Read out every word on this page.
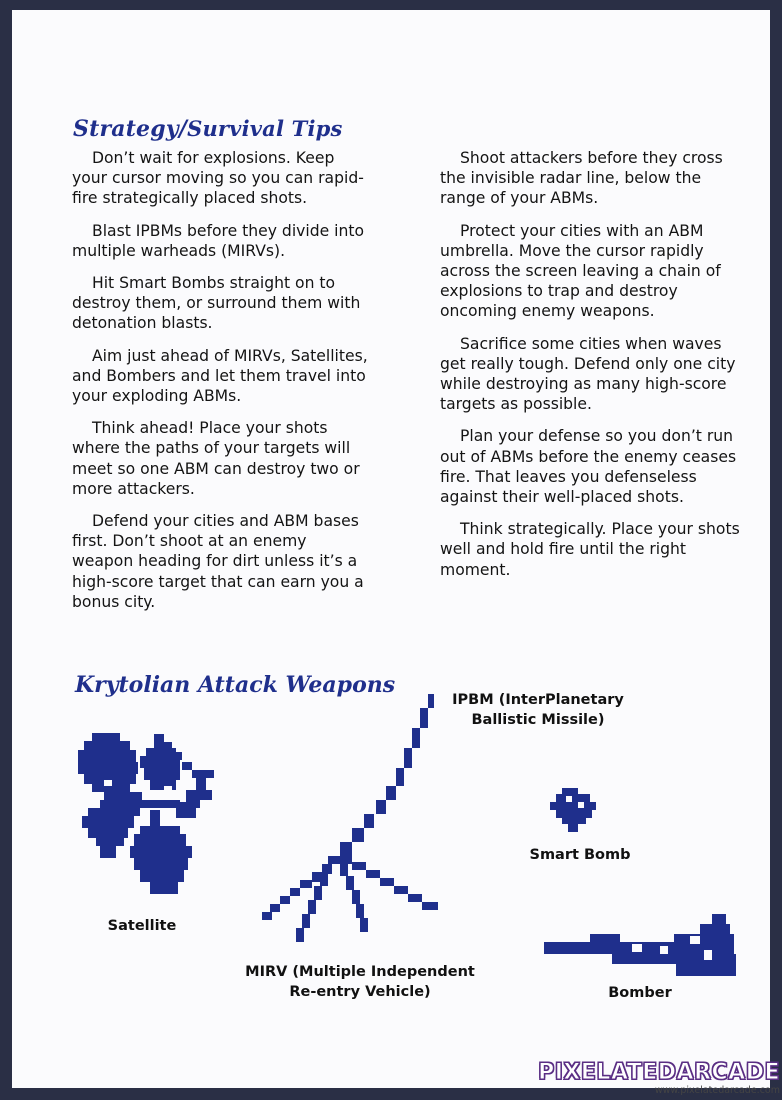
Strategy/Survival Tips

Don’t wait for explosions. Keep your cursor moving so you can rapid-fire strategically placed shots.

Blast IPBMs before they divide into multiple warheads (MIRVs).

Hit Smart Bombs straight on to destroy them, or surround them with detonation blasts.

Aim just ahead of MIRVs, Satellites, and Bombers and let them travel into your exploding ABMs.

Think ahead! Place your shots where the paths of your targets will meet so one ABM can destroy two or more attackers.

Defend your cities and ABM bases first. Don’t shoot at an enemy weapon heading for dirt unless it’s a high-score target that can earn you a bonus city.

Shoot attackers before they cross the invisible radar line, below the range of your ABMs.

Protect your cities with an ABM umbrella. Move the cursor rapidly across the screen leaving a chain of explosions to trap and destroy oncoming enemy weapons.

Sacrifice some cities when waves get really tough. Defend only one city while destroying as many high-score targets as possible.

Plan your defense so you don’t run out of ABMs before the enemy ceases fire. That leaves you defenseless against their well-placed shots.

Think strategically. Place your shots well and hold fire until the right moment.

Krytolian Attack Weapons
IPBM (InterPlanetary
Ballistic Missile)
Smart Bomb
Satellite
MIRV (Multiple Independent
Re-entry Vehicle)	Bomber
PIXELATEDARCADE
www.pixelatedarcade.com
